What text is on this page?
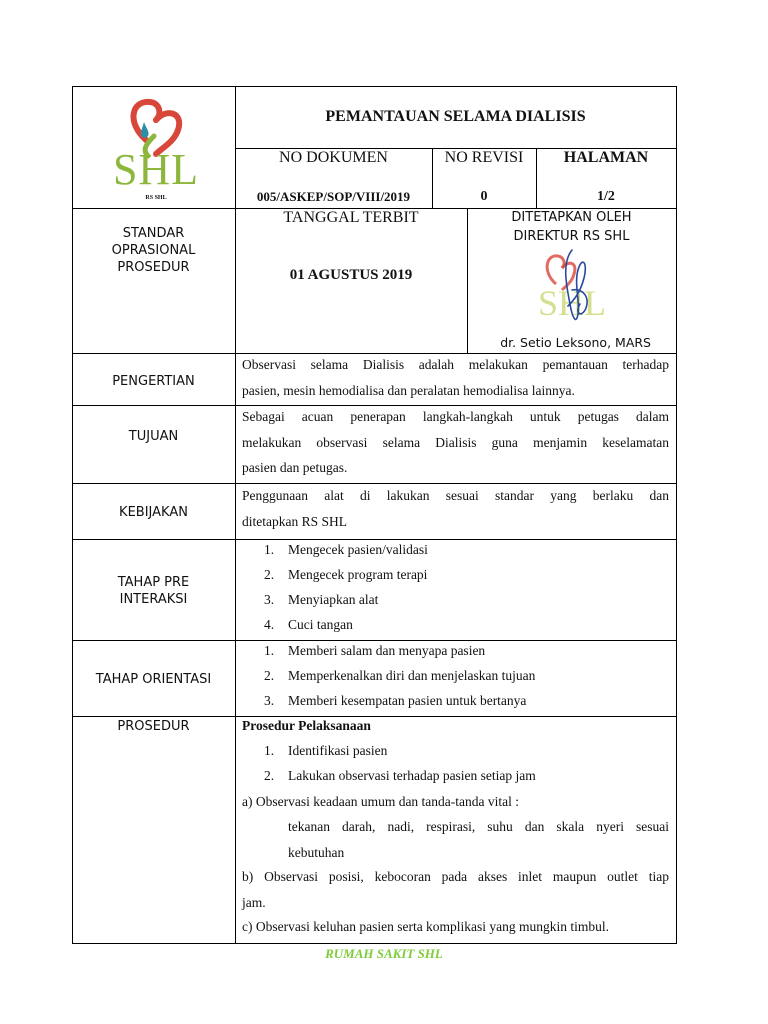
SHL
RS SHL
PEMANTAUAN SELAMA DIALISIS
NO DOKUMEN
005/ASKEP/SOP/VIII/2019
NO REVISI
0
HALAMAN
1/2
STANDAR
OPRASIONAL
PROSEDUR
TANGGAL TERBIT
01 AGUSTUS 2019
DITETAPKAN OLEH
DIREKTUR RS SHL
SHL
dr. Setio Leksono, MARS
PENGERTIAN
Observasi selama Dialisis adalah melakukan pemantauan terhadap
pasien, mesin hemodialisa dan peralatan hemodialisa lainnya.
TUJUAN
Sebagai acuan penerapan langkah-langkah untuk petugas dalam
melakukan observasi selama Dialisis guna menjamin keselamatan
pasien dan petugas.
KEBIJAKAN
Penggunaan alat di lakukan sesuai standar yang berlaku dan
ditetapkan RS SHL
TAHAP PRE
INTERAKSI
1. Mengecek pasien/validasi
2. Mengecek program terapi
3. Menyiapkan alat
4. Cuci tangan
TAHAP ORIENTASI
1. Memberi salam dan menyapa pasien
2. Memperkenalkan diri dan menjelaskan tujuan
3. Memberi kesempatan pasien untuk bertanya
PROSEDUR	Prosedur Pelaksanaan
1. Identifikasi pasien
2. Lakukan observasi terhadap pasien setiap jam
a) Observasi keadaan umum dan tanda-tanda vital :
tekanan darah, nadi, respirasi, suhu dan skala nyeri sesuai
kebutuhan
b) Observasi posisi, kebocoran pada akses inlet maupun outlet tiap
jam.
c) Observasi keluhan pasien serta komplikasi yang mungkin timbul.
RUMAH SAKIT SHL
